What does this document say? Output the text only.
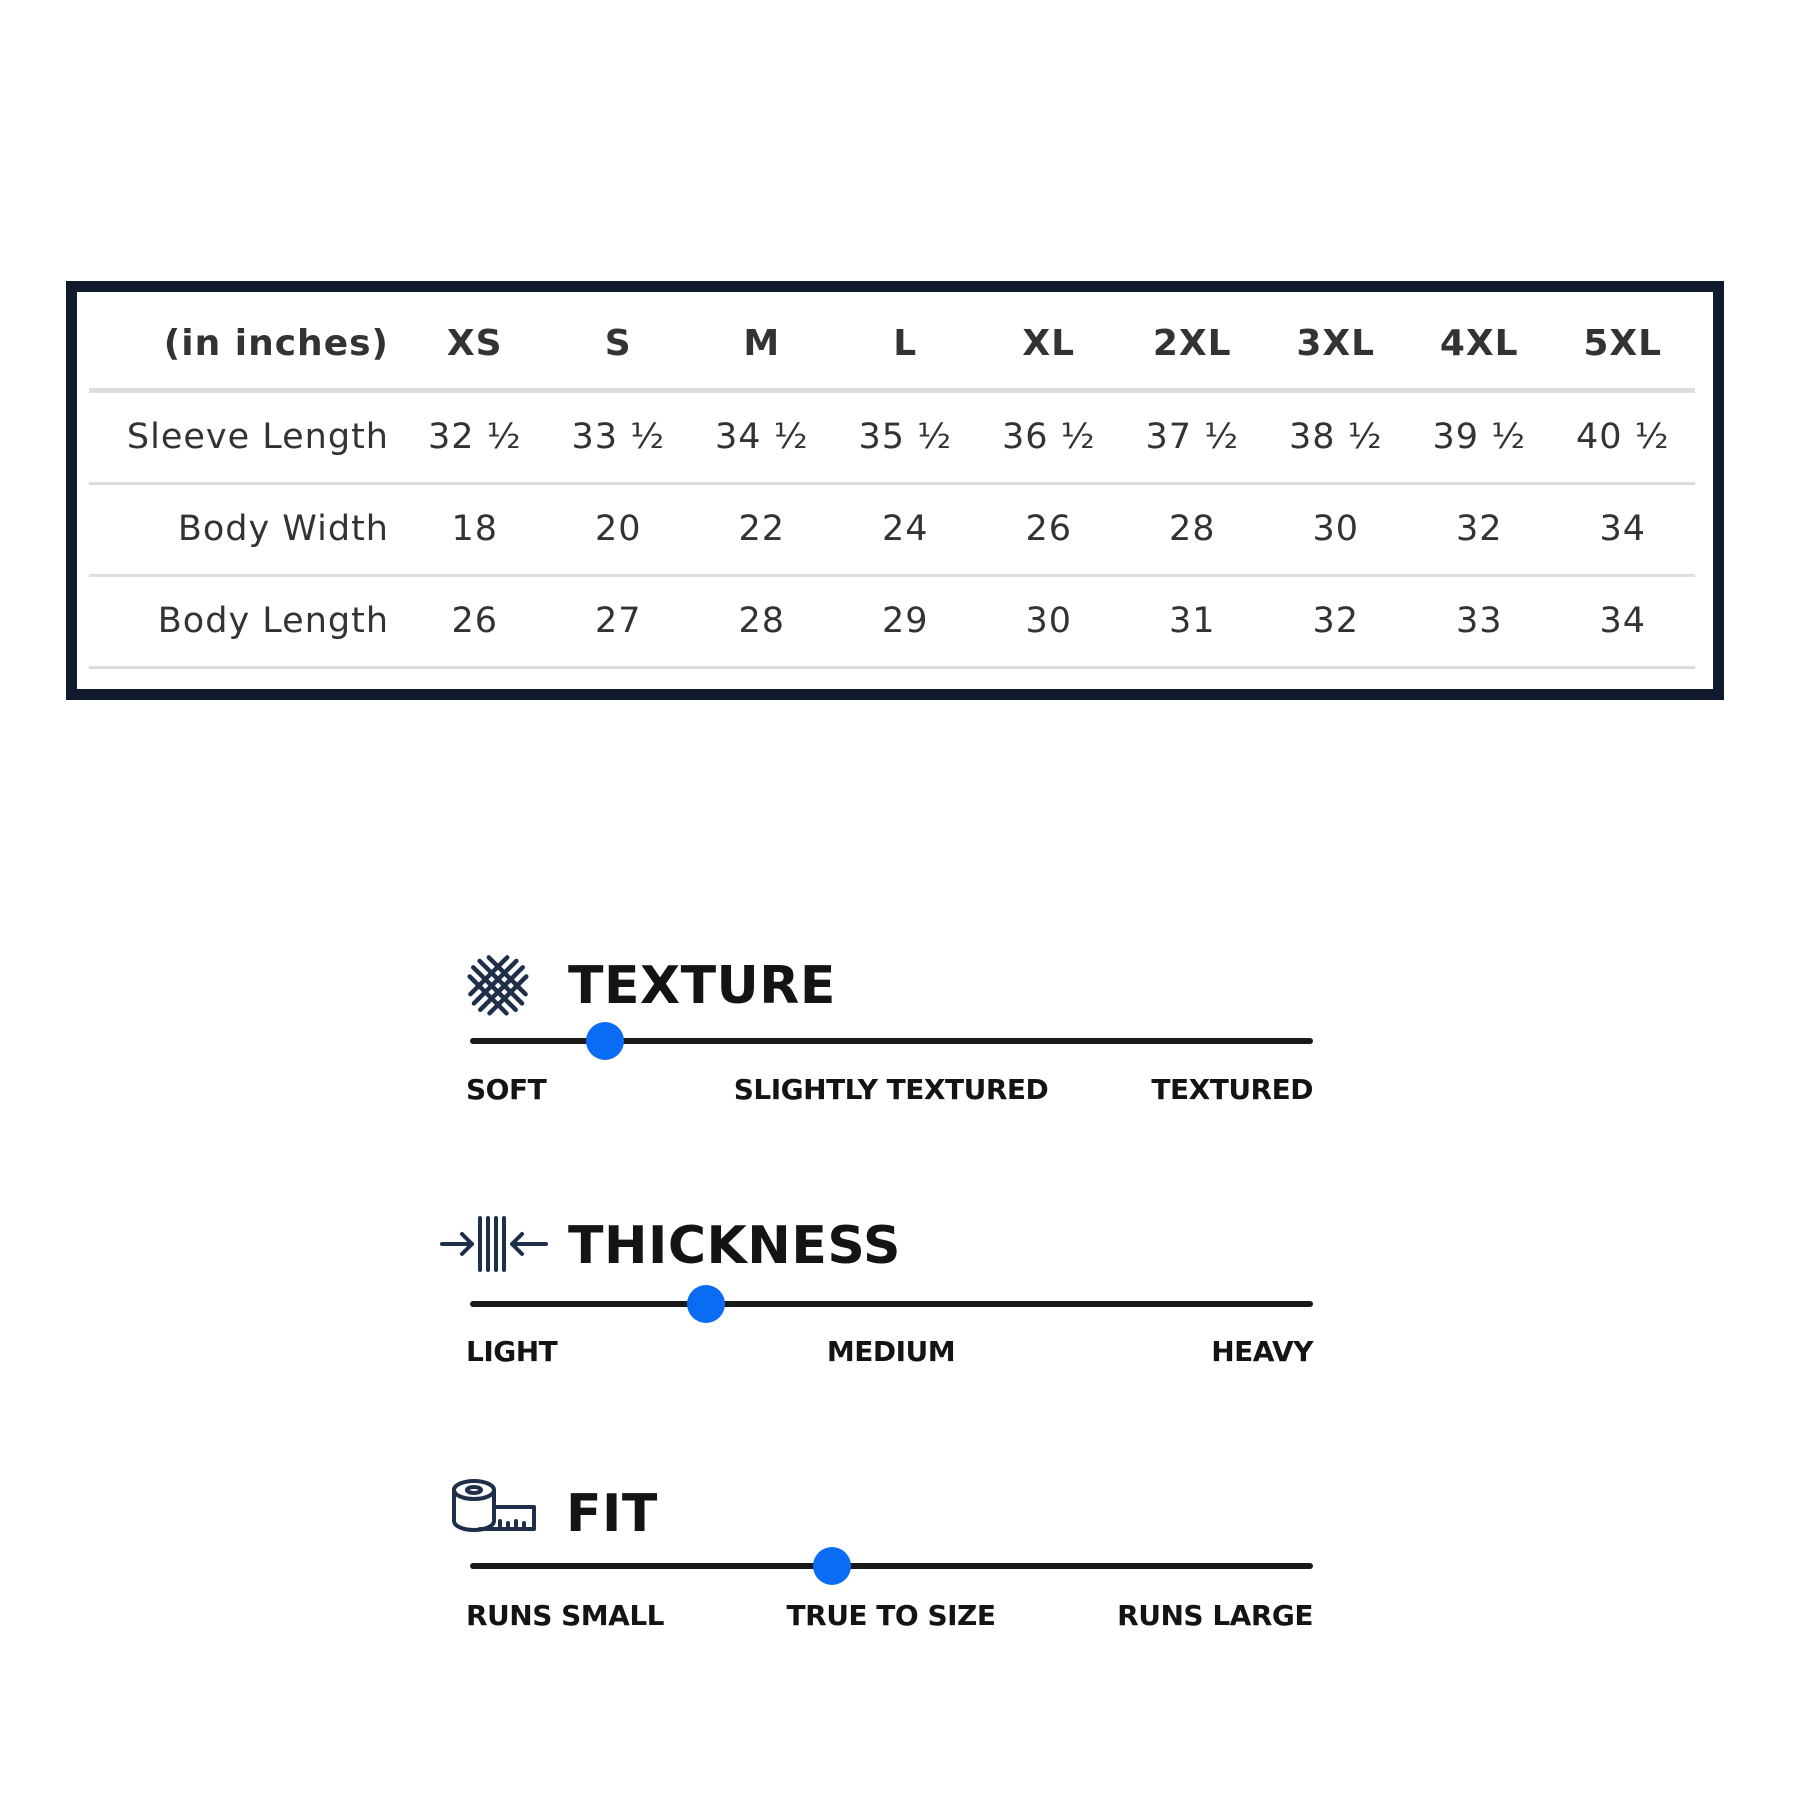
(in inches)	XS	S	M	L	XL	2XL	3XL	4XL	5XL
Sleeve Length	32 ½	33 ½	34 ½	35 ½	36 ½	37 ½	38 ½	39 ½	40 ½
Body Width	18	20	22	24	26	28	30	32	34
Body Length	26	27	28	29	30	31	32	33	34
TEXTURE
SOFT	SLIGHTLY TEXTURED	TEXTURED
THICKNESS
LIGHT	MEDIUM	HEAVY
FIT
RUNS SMALL	TRUE TO SIZE	RUNS LARGE
